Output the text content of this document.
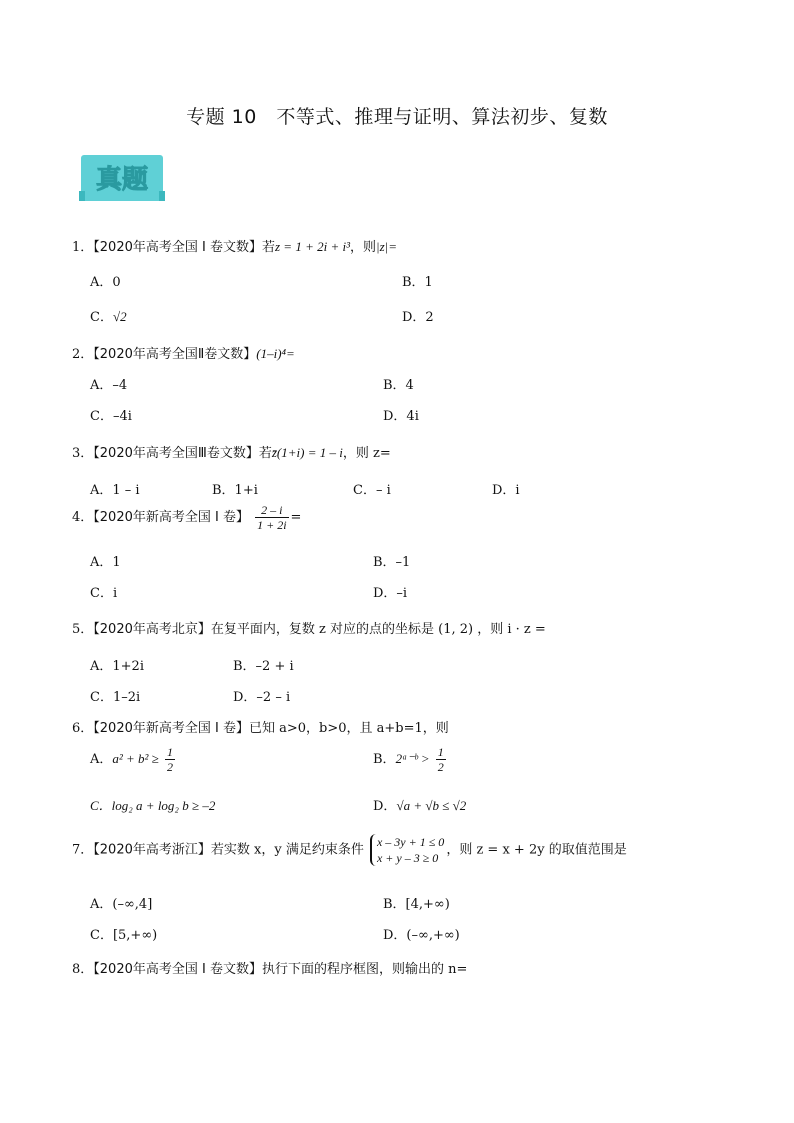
专题 10　不等式、推理与证明、算法初步、复数
真题
1．【2020年高考全国 I 卷文数】若z = 1 + 2i + i³，则|z|=
A．0	B．1
C．√2	D．2
2．【2020年高考全国Ⅱ卷文数】(1–i)⁴=
A．–4	B．4
C．–4i	D．4i
3．【2020年高考全国Ⅲ卷文数】若z̄(1+i) = 1 – i，则 z=
A．1 – i	B．1+i	C．– i	D．i
4．【2020年新高考全国 I 卷】 $\frac{2 - i}{1 + 2i}$ =
A．1	B．–1
C．i	D．–i
5．【2020年高考北京】在复平面内，复数 z 对应的点的坐标是 (1, 2) ，则 i · z =
A．1+2i	B．–2 + i
C．1–2i	D．–2 – i
6．【2020年新高考全国 I 卷】已知 a>0，b>0，且 a+b=1，则
A．$a^2 + b^2 \ge \frac{1}{2}$	B．2ᵃ⁻ᵇ > $\frac{1}{2}$
C．log₂ a + log₂ b ≥ –2	D．√a + √b ≤ √2
7．【2020年高考浙江】若实数 x，y 满足约束条件 x – 3y + 1 ≤ 0
x + y – 3 ≥ 0，则 z = x + 2y 的取值范围是
A．(–∞,4]	B．[4,+∞)
C．[5,+∞)	D．(–∞,+∞)
8．【2020年高考全国 I 卷文数】执行下面的程序框图，则输出的 n=
